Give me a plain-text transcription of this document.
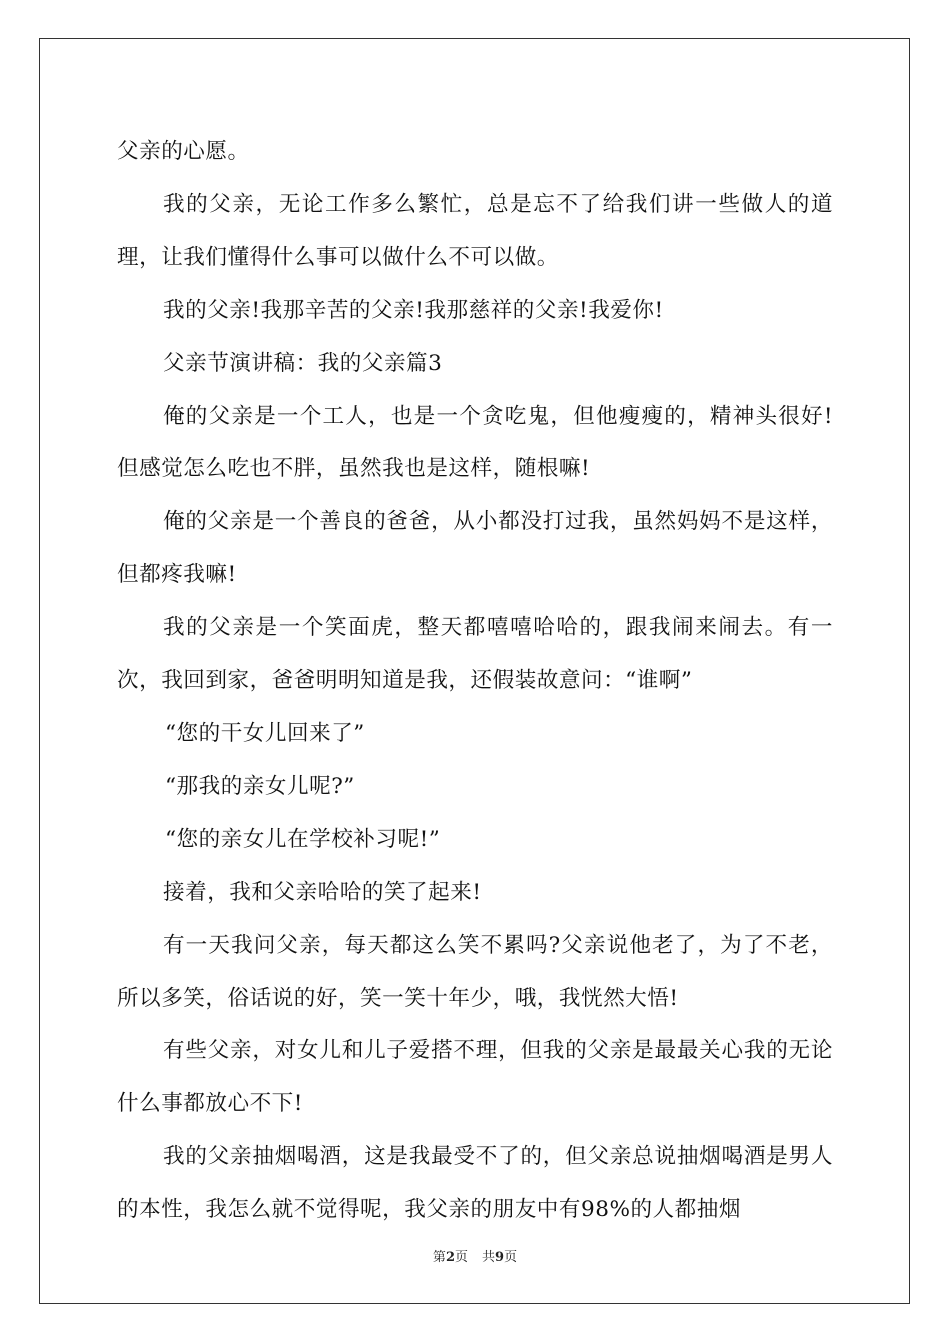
父亲的心愿。

我的父亲，无论工作多么繁忙，总是忘不了给我们讲一些做人的道理，让我们懂得什么事可以做什么不可以做。

我的父亲!我那辛苦的父亲!我那慈祥的父亲!我爱你!

父亲节演讲稿：我的父亲篇3

俺的父亲是一个工人，也是一个贪吃鬼，但他瘦瘦的，精神头很好!但感觉怎么吃也不胖，虽然我也是这样，随根嘛!

俺的父亲是一个善良的爸爸，从小都没打过我，虽然妈妈不是这样，但都疼我嘛!

我的父亲是一个笑面虎，整天都嘻嘻哈哈的，跟我闹来闹去。有一次，我回到家，爸爸明明知道是我，还假装故意问：“谁啊”

“您的干女儿回来了”

“那我的亲女儿呢?”

“您的亲女儿在学校补习呢!”

接着，我和父亲哈哈的笑了起来!

有一天我问父亲，每天都这么笑不累吗?父亲说他老了，为了不老，所以多笑，俗话说的好，笑一笑十年少，哦，我恍然大悟!

有些父亲，对女儿和儿子爱搭不理，但我的父亲是最最关心我的无论什么事都放心不下!

我的父亲抽烟喝酒，这是我最受不了的，但父亲总说抽烟喝酒是男人的本性，我怎么就不觉得呢，我父亲的朋友中有98%的人都抽烟

第2页 共9页
